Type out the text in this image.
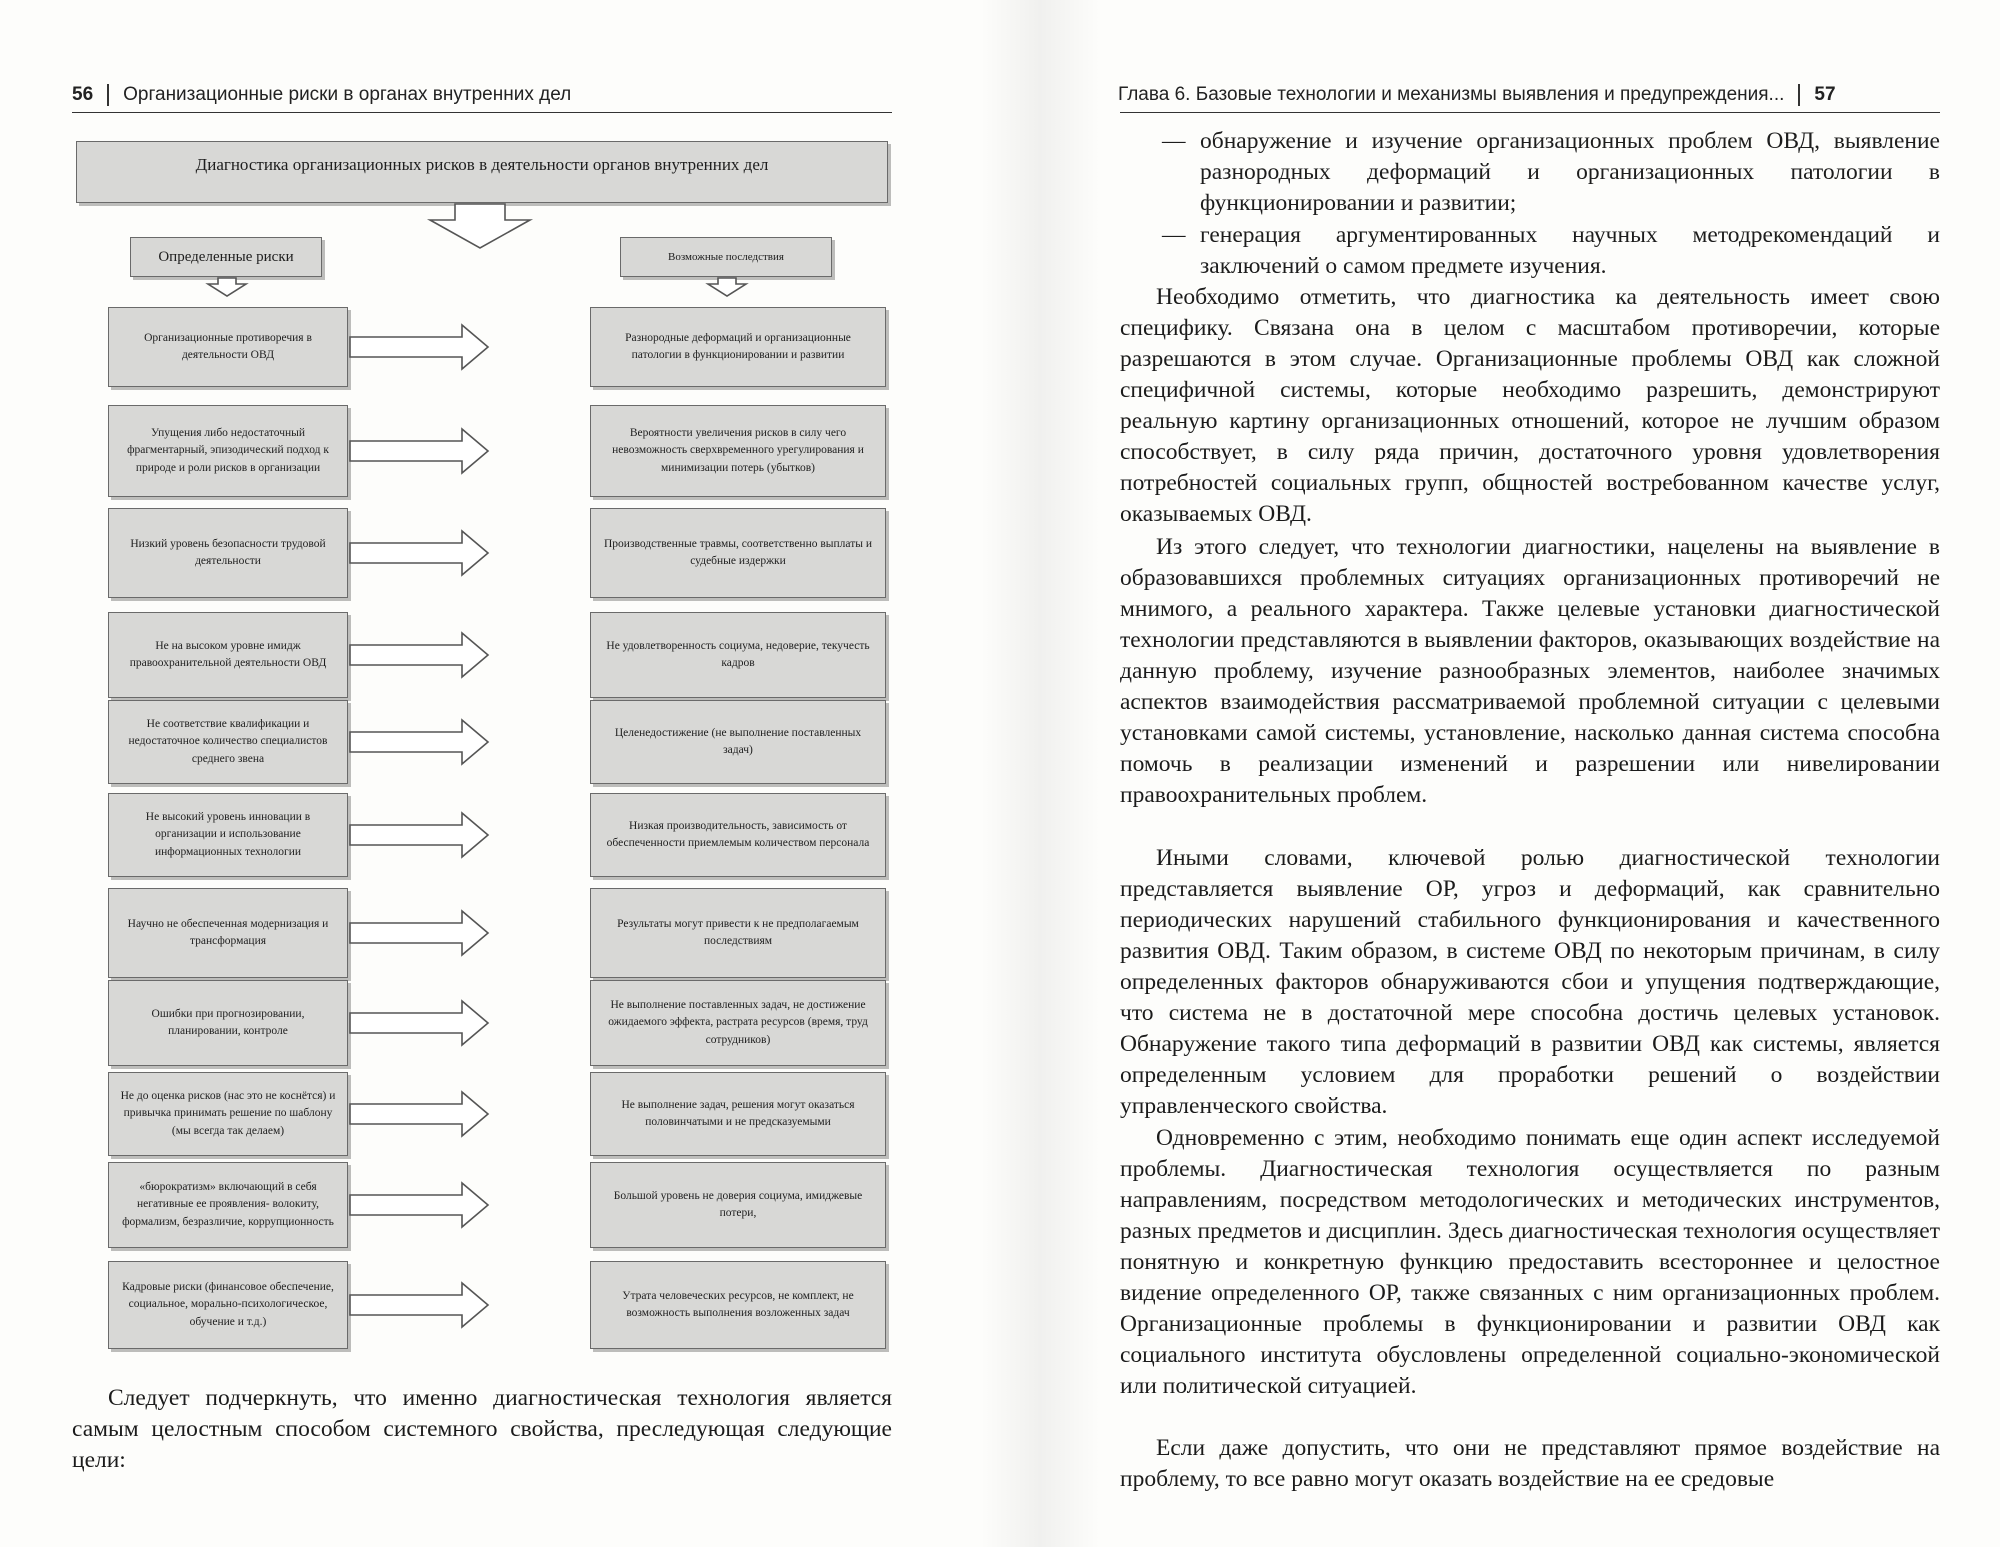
56 Организационные риски в органах внутренних дел
Диагностика организационных рисков в деятельности органов внутренних дел
Определенные риски	Возможные последствия
Организационные противоречия в деятельности ОВД
Разнородные деформаций и организационные патологии в функционировании и развитии
Упущения либо недостаточный фрагментарный, эпизодический подход к природе и роли рисков в организации
Вероятности увеличения рисков в силу чего невозможность сверхвременного урегулирования и минимизации потерь (убытков)
Низкий уровень безопасности трудовой деятельности
Производственные травмы, соответственно выплаты и судебные издержки
Не на высоком уровне имидж правоохранительной деятельности ОВД
Не удовлетворенность социума, недоверие, текучесть кадров
Не соответствие квалификации и недостаточное количество специалистов среднего звена
Целенедостижение (не выполнение поставленных задач)
Не высокий уровень инновации в организации и использование информационных технологии
Низкая производительность, зависимость от обеспеченности приемлемым количеством персонала
Научно не обеспеченная модернизация и трансформация
Результаты могут привести к не предполагаемым последствиям
Ошибки при прогнозировании, планировании, контроле
Не выполнение поставленных задач, не достижение ожидаемого эффекта, растрата ресурсов (время, труд сотрудников)
Не до оценка рисков (нас это не коснётся) и привычка принимать решение по шаблону (мы всегда так делаем)
Не выполнение задач, решения могут оказаться половинчатыми и не предсказуемыми
«бюрократизм» включающий в себя негативные ее проявления- волокиту, формализм, безразличие, коррупционность
Большой уровень не доверия социума, имиджевые потери,
Кадровые риски (финансовое обеспечение, социальное, морально-психологическое, обучение и т.д.)
Утрата человеческих ресурсов, не комплект, не возможность выполнения возложенных задач

Следует подчеркнуть, что именно диагностическая технология является самым целостным способом системного свойства, преследующая следующие цели:

Глава 6. Базовые технологии и механизмы выявления и предупреждения... 57

— обнаружение и изучение организационных проблем ОВД, выявление разнородных деформаций и организационных патологии в функционировании и развитии;

— генерация аргументированных научных методрекомендаций и заключений о самом предмете изучения.

Необходимо отметить, что диагностика ка деятельность имеет свою специфику. Связана она в целом с масштабом противоречии, которые разрешаются в этом случае. Организационные проблемы ОВД как сложной специфичной системы, которые необходимо разрешить, демонстрируют реальную картину организационных отношений, которое не лучшим образом способствует, в силу ряда причин, достаточного уровня удовлетворения потребностей социальных групп, общностей востребованном качестве услуг, оказываемых ОВД.

Из этого следует, что технологии диагностики, нацелены на выявление в образовавшихся проблемных ситуациях организационных противоречий не мнимого, а реального характера. Также целевые установки диагностической технологии представляются в выявлении факторов, оказывающих воздействие на данную проблему, изучение разнообразных элементов, наиболее значимых аспектов взаимодействия рассматриваемой проблемной ситуации с целевыми установками самой системы, установление, насколько данная система способна помочь в реализации изменений и разрешении или нивелировании правоохранительных проблем.

Иными словами, ключевой ролью диагностической технологии представляется выявление ОР, угроз и деформаций, как сравнительно периодических нарушений стабильного функционирования и качественного развития ОВД. Таким образом, в системе ОВД по некоторым причинам, в силу определенных факторов обнаруживаются сбои и упущения подтверждающие, что система не в достаточной мере способна достичь целевых установок. Обнаружение такого типа деформаций в развитии ОВД как системы, является определенным условием для проработки решений о воздействии управленческого свойства.

Одновременно с этим, необходимо понимать еще один аспект исследуемой проблемы. Диагностическая технология осуществляется по разным направлениям, посредством методологических и методических инструментов, разных предметов и дисциплин. Здесь диагностическая технология осуществляет понятную и конкретную функцию предоставить всестороннее и целостное видение определенного ОР, также связанных с ним организационных проблем. Организационные проблемы в функционировании и развитии ОВД как социального института обусловлены определенной социально-экономической или политической ситуацией.

Если даже допустить, что они не представляют прямое воздействие на проблему, то все равно могут оказать воздействие на ее средовые
